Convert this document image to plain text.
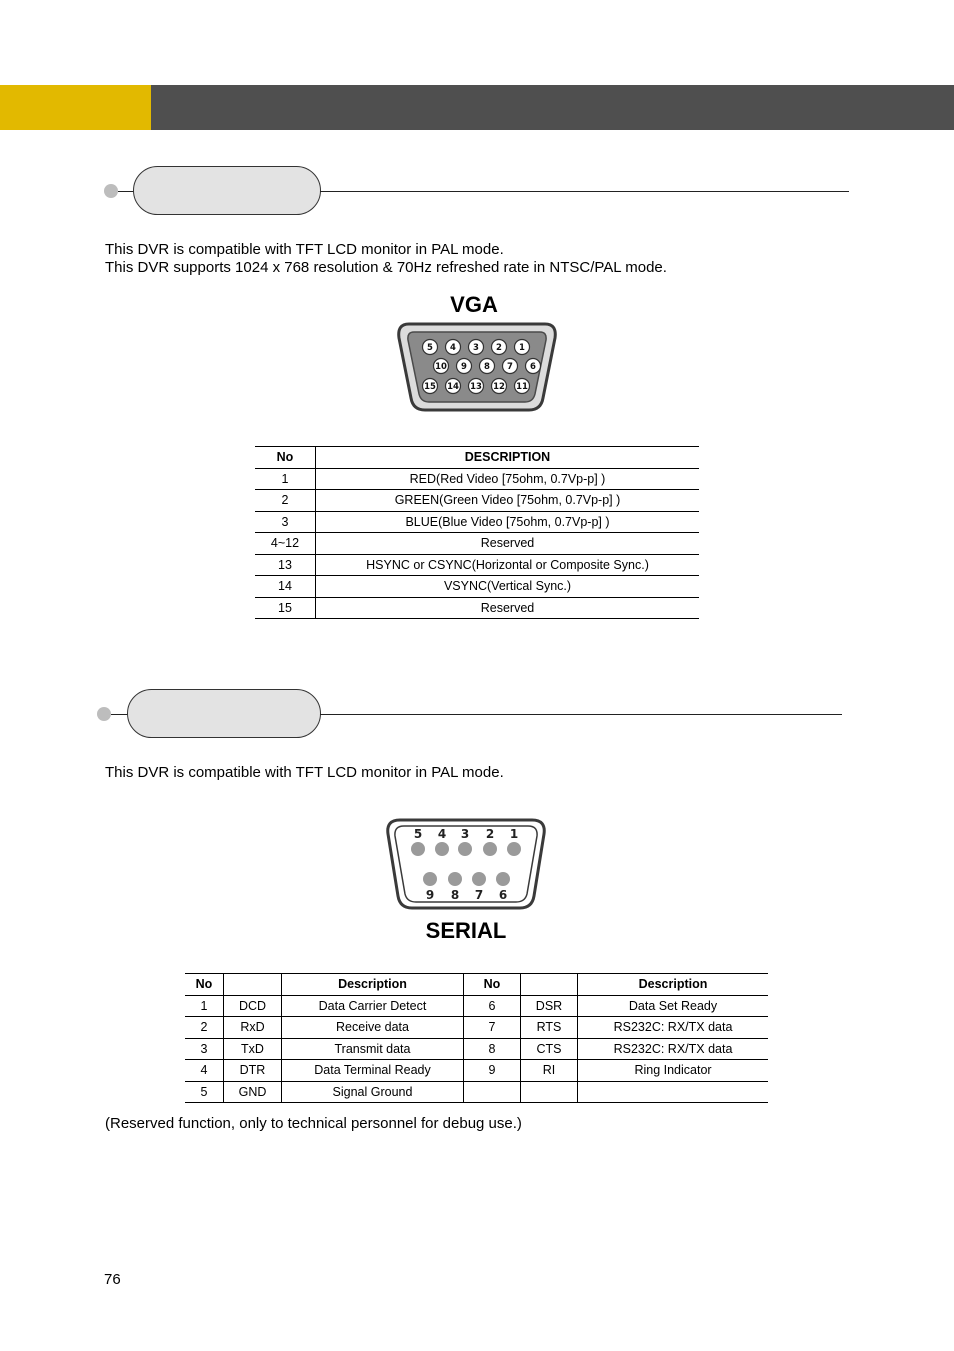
This DVR is compatible with TFT LCD monitor in PAL mode.
This DVR supports 1024 x 768 resolution & 70Hz refreshed rate in NTSC/PAL mode.
VGA
5 4 3 2 1
10 9 8 7 6
15 14 13 12 11
No	DESCRIPTION
1	RED(Red Video [75ohm, 0.7Vp-p] )
2	GREEN(Green Video [75ohm, 0.7Vp-p] )
3	BLUE(Blue Video [75ohm, 0.7Vp-p] )
4~12	Reserved
13	HSYNC or CSYNC(Horizontal or Composite Sync.)
14	VSYNC(Vertical Sync.)
15	Reserved
This DVR is compatible with TFT LCD monitor in PAL mode.
5 4 3 2 1
9 8 7 6
SERIAL
No		Description	No		Description
1	DCD	Data Carrier Detect	6	DSR	Data Set Ready
2	RxD	Receive data	7	RTS	RS232C: RX/TX data
3	TxD	Transmit data	8	CTS	RS232C: RX/TX data
4	DTR	Data Terminal Ready	9	RI	Ring Indicator
5	GND	Signal Ground			
(Reserved function, only to technical personnel for debug use.)
76
